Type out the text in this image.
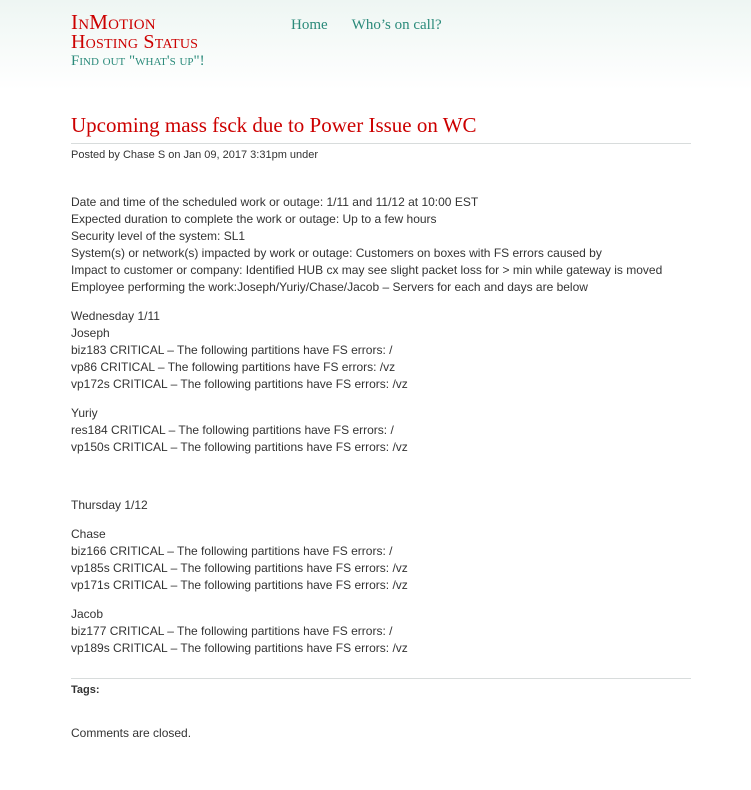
InMotion
Hosting Status
Find out "what's up"!
Home Who’s on call?
Upcoming mass fsck due to Power Issue on WC
Posted by Chase S on Jan 09, 2017 3:31pm under
Date and time of the scheduled work or outage: 1/11 and 11/12 at 10:00 EST
Expected duration to complete the work or outage: Up to a few hours
Security level of the system: SL1
System(s) or network(s) impacted by work or outage: Customers on boxes with FS errors caused by
Impact to customer or company: Identified HUB cx may see slight packet loss for > min while gateway is moved
Employee performing the work:Joseph/Yuriy/Chase/Jacob – Servers for each and days are below
Wednesday 1/11
Joseph
biz183 CRITICAL – The following partitions have FS errors: /
vp86 CRITICAL – The following partitions have FS errors: /vz
vp172s CRITICAL – The following partitions have FS errors: /vz
Yuriy
res184 CRITICAL – The following partitions have FS errors: /
vp150s CRITICAL – The following partitions have FS errors: /vz
Thursday 1/12
Chase
biz166 CRITICAL – The following partitions have FS errors: /
vp185s CRITICAL – The following partitions have FS errors: /vz
vp171s CRITICAL – The following partitions have FS errors: /vz
Jacob
biz177 CRITICAL – The following partitions have FS errors: /
vp189s CRITICAL – The following partitions have FS errors: /vz
Tags:
Comments are closed.
